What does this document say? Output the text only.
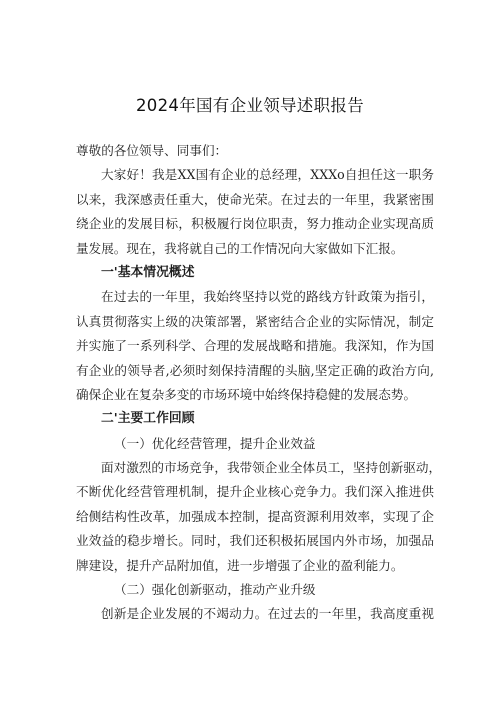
2024年国有企业领导述职报告
尊敬的各位领导、同事们：
大家好！我是XX国有企业的总经理，XXXo自担任这一职务
以来，我深感责任重大，使命光荣。在过去的一年里，我紧密围
绕企业的发展目标，积极履行岗位职责，努力推动企业实现高质
量发展。现在，我将就自己的工作情况向大家做如下汇报。
一'基本情况概述
在过去的一年里，我始终坚持以党的路线方针政策为指引，
认真贯彻落实上级的决策部署，紧密结合企业的实际情况，制定
并实施了一系列科学、合理的发展战略和措施。我深知，作为国
有企业的领导者,必须时刻保持清醒的头脑,坚定正确的政治方向,
确保企业在复杂多变的市场环境中始终保持稳健的发展态势。
二'主要工作回顾
（一）优化经营管理，提升企业效益
面对激烈的市场竞争，我带领企业全体员工，坚持创新驱动，
不断优化经营管理机制，提升企业核心竞争力。我们深入推进供
给侧结构性改革，加强成本控制，提高资源利用效率，实现了企
业效益的稳步增长。同时，我们还积极拓展国内外市场，加强品
牌建设，提升产品附加值，进一步增强了企业的盈利能力。
（二）强化创新驱动，推动产业升级
创新是企业发展的不竭动力。在过去的一年里，我高度重视
